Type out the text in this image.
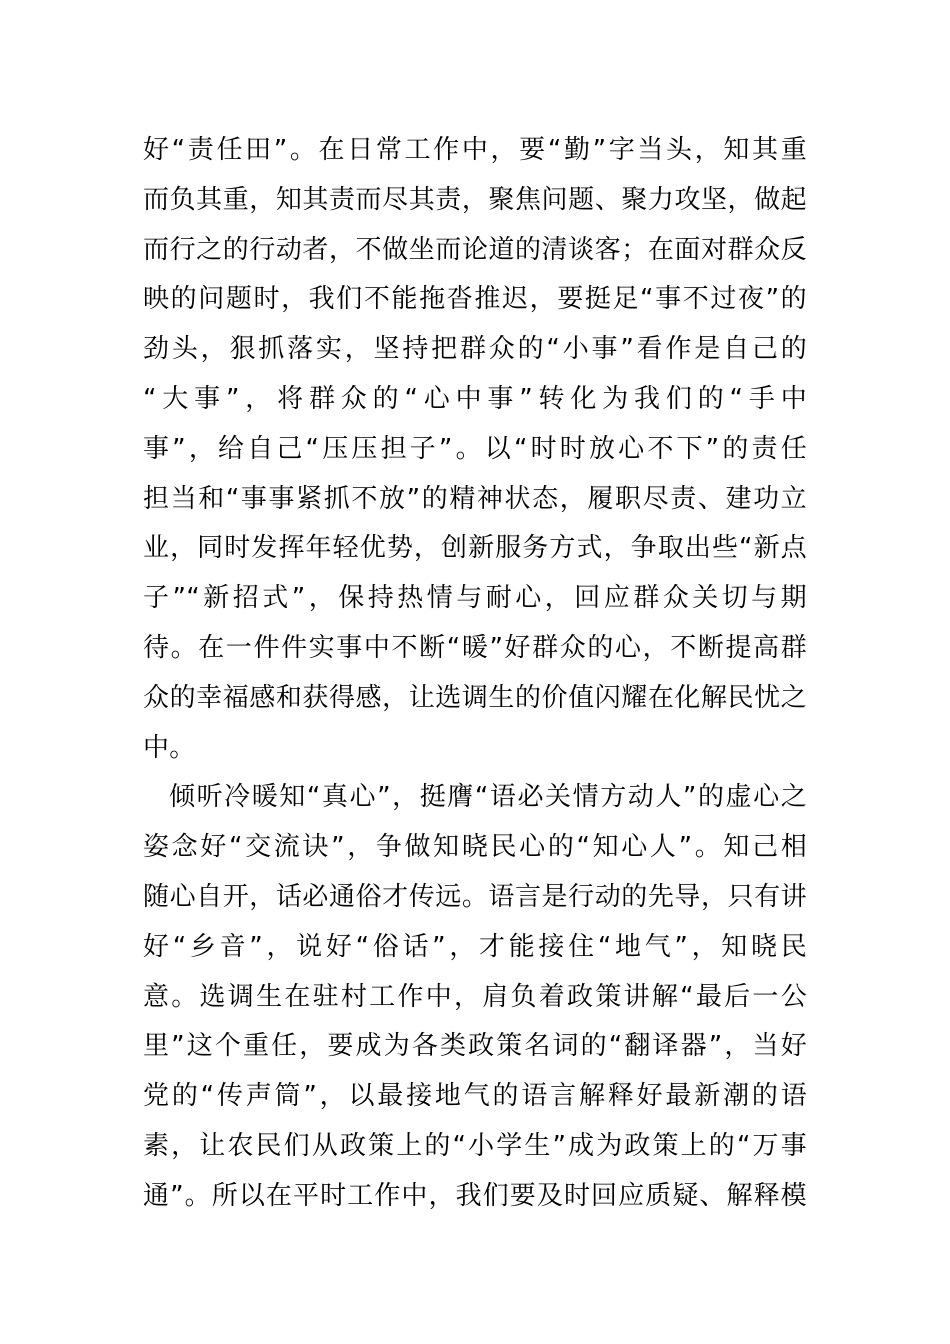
好“责任田”。在日常工作中，要“勤”字当头，知其重
而负其重，知其责而尽其责，聚焦问题、聚力攻坚，做起
而行之的行动者，不做坐而论道的清谈客；在面对群众反
映的问题时，我们不能拖沓推迟，要挺足“事不过夜”的
劲头，狠抓落实，坚持把群众的“小事”看作是自己的
“大事”，将群众的“心中事”转化为我们的“手中
事”，给自己“压压担子”。以“时时放心不下”的责任
担当和“事事紧抓不放”的精神状态，履职尽责、建功立
业，同时发挥年轻优势，创新服务方式，争取出些“新点
子”“新招式”，保持热情与耐心，回应群众关切与期
待。在一件件实事中不断“暖”好群众的心，不断提高群
众的幸福感和获得感，让选调生的价值闪耀在化解民忧之
中。
倾听冷暖知“真心”，挺膺“语必关情方动人”的虚心之
姿念好“交流诀”，争做知晓民心的“知心人”。知己相
随心自开，话必通俗才传远。语言是行动的先导，只有讲
好“乡音”，说好“俗话”，才能接住“地气”，知晓民
意。选调生在驻村工作中，肩负着政策讲解“最后一公
里”这个重任，要成为各类政策名词的“翻译器”，当好
党的“传声筒”，以最接地气的语言解释好最新潮的语
素，让农民们从政策上的“小学生”成为政策上的“万事
通”。所以在平时工作中，我们要及时回应质疑、解释模
